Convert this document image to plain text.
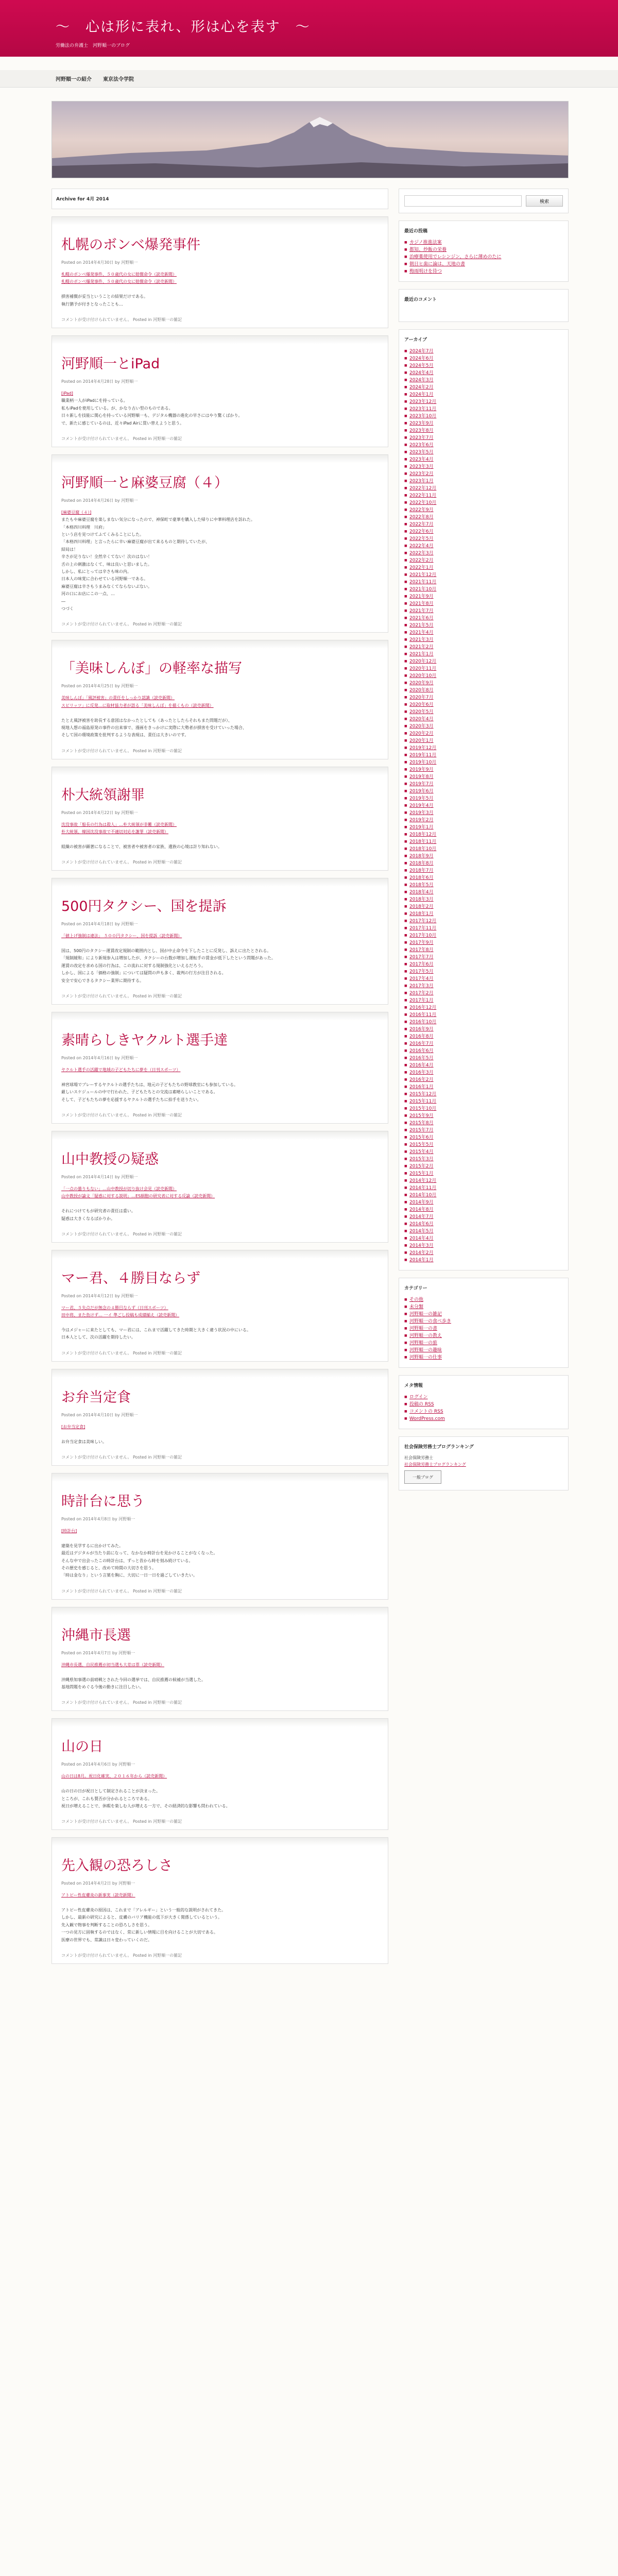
〜　心は形に表れ、形は心を表す　〜
労働法の弁護士　河野順一のブログ
河野順一の紹介 東京法令学院
Archive for 4月 2014
札幌のボンベ爆発事件
Posted on 2014年4月30日 by 河野順一

札幌のボンベ爆発事件、５０歳代の女に賠償命令（読売新聞）

札幌のボンベ爆発事件、５０歳代の女に賠償命令（読売新聞）

損害補償が妥当ということの結果だけである。

執行猶予が付きとなったことも…

コメントが受け付けられていません。 Posted in 河野順一の雑記
河野順一とiPad
Posted on 2014年4月28日 by 河野順一

[iPad]

職業柄一人がiPadにを持っている。

私もiPadを使用している。が、かなり古い型のものである。

日々新しを技能に関心を持っている河野順一も、デジタル機器の進化の早さにはやり驚くばかり。

で、新たに感じているのは、近々iPad Airに買い替えようと思う。

コメントが受け付けられていません。 Posted in 河野順一の雑記
河野順一と麻婆豆腐（４）
Posted on 2014年4月26日 by 河野順一

[麻婆豆腐（４）]

またもや麻婆豆腐を楽しまない気分になったので、神保町で豪華を購入した帰りに中華料理店を訪れた。

「本格四川料理　川府」

という店を見つけてふてくみることにした。

「本格四川料理」と言ったらに辛い麻婆豆腐が出て来るものと期待していたが、

結局は！

辛さが足りない！全然辛くてない！次のはない！

舌の上の刺激はなくて、味は良いと思いました。

しかし、私にとっては辛さも味の内。

日本人の味覚に合わせている河野順一である。

麻婆豆腐は辛さもうまみなくてならないぶない。

河の口にお店にこの一点、…

―

つづく

コメントが受け付けられていません。 Posted in 河野順一の雑記
「美味しんぼ」の軽率な描写
Posted on 2014年4月25日 by 河野順一

美味しんぼ」「風評被害」の責任をしっかり認識（読売新聞）

スピリッツ」に反発…に取材協力者が語る「美味しんぼ」を描くもの（読売新聞）

たとえ風評被害を助長する意図はなかったとしても（あったとしたらそれもまた問題だが）、

現地人想の福島原発の事件の出来事で、漫画をきっかけに実際に大勢者が損害を受けていった場合、

そして国の環境政策を批判するような表現は、責任は大きいのです。

コメントが受け付けられていません。 Posted in 河野順一の雑記
朴大統領謝罪
Posted on 2014年4月22日 by 河野順一

沈没事故「船長の行為は殺人」…朴大統領が非難（読売新聞）

朴大統領、韓国沈没事故で不適切対応を謝罪（読売新聞）

組織の被害が顕著になることで、被害者や被害者の家族、遺族の心境は計り知れない。

コメントが受け付けられていません。 Posted in 河野順一の雑記
500円タクシー、国を提訴
Posted on 2014年4月18日 by 河野順一

「値上げ強制は違法」 ５００円タクシー、国を提訴（読売新聞）

国は、500円のタクシー運賃改定規制の範囲内とし、国が中止命令を下したことに反発し、訴えに出たとされる。

「規制緩和」により新規参入は増加したが、タクシーの台数が増加し運転手の賃金が低下したという問題があった。

運賃の改定を求める国の行為は、この流れに対する規制強化といえるだろう。

しかし、国による「価格の強制」については疑問の声も多く、裁判の行方が注目される。

安全で安心できるタクシー業界に期待する。

コメントが受け付けられていません。 Posted in 河野順一の雑記
素晴らしきヤクルト選手達
Posted on 2014年4月16日 by 河野順一

ヤクルト選手の活躍で地域の子どもたちに夢を（日刊スポーツ）

神宮球場でプレーするヤクルトの選手たちは、地元の子どもたちの野球教室にも参加している。

厳しいスケジュールの中で行われた、子どもたちとの交流は素晴らしいことである。

そして、子どもたちの夢を応援するヤクルトの選手たちに拍手を送りたい。

コメントが受け付けられていません。 Posted in 河野順一の雑記
山中教授の疑惑
Posted on 2014年4月14日 by 河野順一

「一点の曇りもない」…山中教授が切り抜け会見（読売新聞）

山中教授が論文「疑惑に対する説明」…ES細胞の研究者に対する反論（読売新聞）

それにつけてもが研究者の責任は重い。

疑惑は大きくなるばかりか。

コメントが受け付けられていません。 Posted in 河野順一の雑記
マー君、４勝目ならず
Posted on 2014年4月12日 by 河野順一

マー君、５失点だが無念の４勝目ならず（日刊スポーツ）

田中将、また負けず… 一イ 準ごし投稿も成績揃え（読売新聞）

今はメジャーに来たとしても、マー君には、これまで活躍してきた時期と大きく違う状況の中にいる。

日本人として、次の活躍を期待したい。

コメントが受け付けられていません。 Posted in 河野順一の雑記
お弁当定食
Posted on 2014年4月10日 by 河野順一

[お弁当定食]

お弁当定食は美味しい。

コメントが受け付けられていません。 Posted in 河野順一の雑記
時計台に思う
Posted on 2014年4月8日 by 河野順一

[時計台]

建築を見学するに出かけてみた。

最近はデジタルが当たり前になって、なかなか時計台を見かけることがなくなった。

そんな中で出会ったこの時計台は、ずっと昔から時を刻み続けている。

その歴史を感じると、改めて時間の大切さを思う。

「時は金なり」という言葉を胸に、大切に一日一日を過ごしていきたい。

コメントが受け付けられていません。 Posted in 河野順一の雑記
沖縄市長選
Posted on 2014年4月7日 by 河野順一

沖縄市長選、自民推薦が初当選も大差は票（読売新聞）

沖縄県知事選の前哨戦とされた今回の選挙では、自民推薦の候補が当選した。

基地問題をめぐる今後の動きに注目したい。

コメントが受け付けられていません。 Posted in 河野順一の雑記
山の日
Posted on 2014年4月6日 by 河野順一

山の日は8月。祝日化確実、２０１６年から（読売新聞）

山の日の日が祝日として制定されることが決まった。

ところが、これも賛否が分かれるところである。

祝日が増えることで、休暇を楽しむ人が増える一方で、その経済的な影響も問われている。

コメントが受け付けられていません。 Posted in 河野順一の雑記
先入観の恐ろしさ
Posted on 2014年4月2日 by 河野順一

アトピー性皮膚炎の新事実（読売新聞）

アトピー性皮膚炎の原因は、これまで「アレルギー」という一般的な説明がされてきた。

しかし、最新の研究によると、皮膚のバリア機能の低下が大きく関係しているという。

先入観で物事を判断することの恐ろしさを思う。

一つの見方に固執するのではなく、常に新しい情報に目を向けることが大切である。

医療の世界でも、常識は日々変わっていくのだ。

コメントが受け付けられていません。 Posted in 河野順一の雑記
検索
最近の投稿
■ カジノ推進法案
■ 都知、炒飯の栄養
■ 治療薬使用でレシンジン、さらに薄めのたに
■ 朝日ヒ歯に論は、天地の書
■ 梅雨明けを待つ
最近のコメント
アーカイブ
■ 2024年7月
■ 2024年6月
■ 2024年5月
■ 2024年4月
■ 2024年3月
■ 2024年2月
■ 2024年1月
■ 2023年12月
■ 2023年11月
■ 2023年10月
■ 2023年9月
■ 2023年8月
■ 2023年7月
■ 2023年6月
■ 2023年5月
■ 2023年4月
■ 2023年3月
■ 2023年2月
■ 2023年1月
■ 2022年12月
■ 2022年11月
■ 2022年10月
■ 2022年9月
■ 2022年8月
■ 2022年7月
■ 2022年6月
■ 2022年5月
■ 2022年4月
■ 2022年3月
■ 2022年2月
■ 2022年1月
■ 2021年12月
■ 2021年11月
■ 2021年10月
■ 2021年9月
■ 2021年8月
■ 2021年7月
■ 2021年6月
■ 2021年5月
■ 2021年4月
■ 2021年3月
■ 2021年2月
■ 2021年1月
■ 2020年12月
■ 2020年11月
■ 2020年10月
■ 2020年9月
■ 2020年8月
■ 2020年7月
■ 2020年6月
■ 2020年5月
■ 2020年4月
■ 2020年3月
■ 2020年2月
■ 2020年1月
■ 2019年12月
■ 2019年11月
■ 2019年10月
■ 2019年9月
■ 2019年8月
■ 2019年7月
■ 2019年6月
■ 2019年5月
■ 2019年4月
■ 2019年3月
■ 2019年2月
■ 2019年1月
■ 2018年12月
■ 2018年11月
■ 2018年10月
■ 2018年9月
■ 2018年8月
■ 2018年7月
■ 2018年6月
■ 2018年5月
■ 2018年4月
■ 2018年3月
■ 2018年2月
■ 2018年1月
■ 2017年12月
■ 2017年11月
■ 2017年10月
■ 2017年9月
■ 2017年8月
■ 2017年7月
■ 2017年6月
■ 2017年5月
■ 2017年4月
■ 2017年3月
■ 2017年2月
■ 2017年1月
■ 2016年12月
■ 2016年11月
■ 2016年10月
■ 2016年9月
■ 2016年8月
■ 2016年7月
■ 2016年6月
■ 2016年5月
■ 2016年4月
■ 2016年3月
■ 2016年2月
■ 2016年1月
■ 2015年12月
■ 2015年11月
■ 2015年10月
■ 2015年9月
■ 2015年8月
■ 2015年7月
■ 2015年6月
■ 2015年5月
■ 2015年4月
■ 2015年3月
■ 2015年2月
■ 2015年1月
■ 2014年12月
■ 2014年11月
■ 2014年10月
■ 2014年9月
■ 2014年8月
■ 2014年7月
■ 2014年6月
■ 2014年5月
■ 2014年4月
■ 2014年3月
■ 2014年2月
■ 2014年1月
カテゴリー
■ その他
■ 未分類
■ 河野順一の雑記
■ 河野順一の食べ歩き
■ 河野順一の書
■ 河野順一の教え
■ 河野順一の旅
■ 河野順一の趣味
■ 河野順一の仕事
メタ情報
■ ログイン
■ 投稿の RSS
■ コメントの RSS
■ WordPress.com
社会保険労務士ブログランキング
社会保険労務士
社会保険労務士ブログランキング
一般ブログ
